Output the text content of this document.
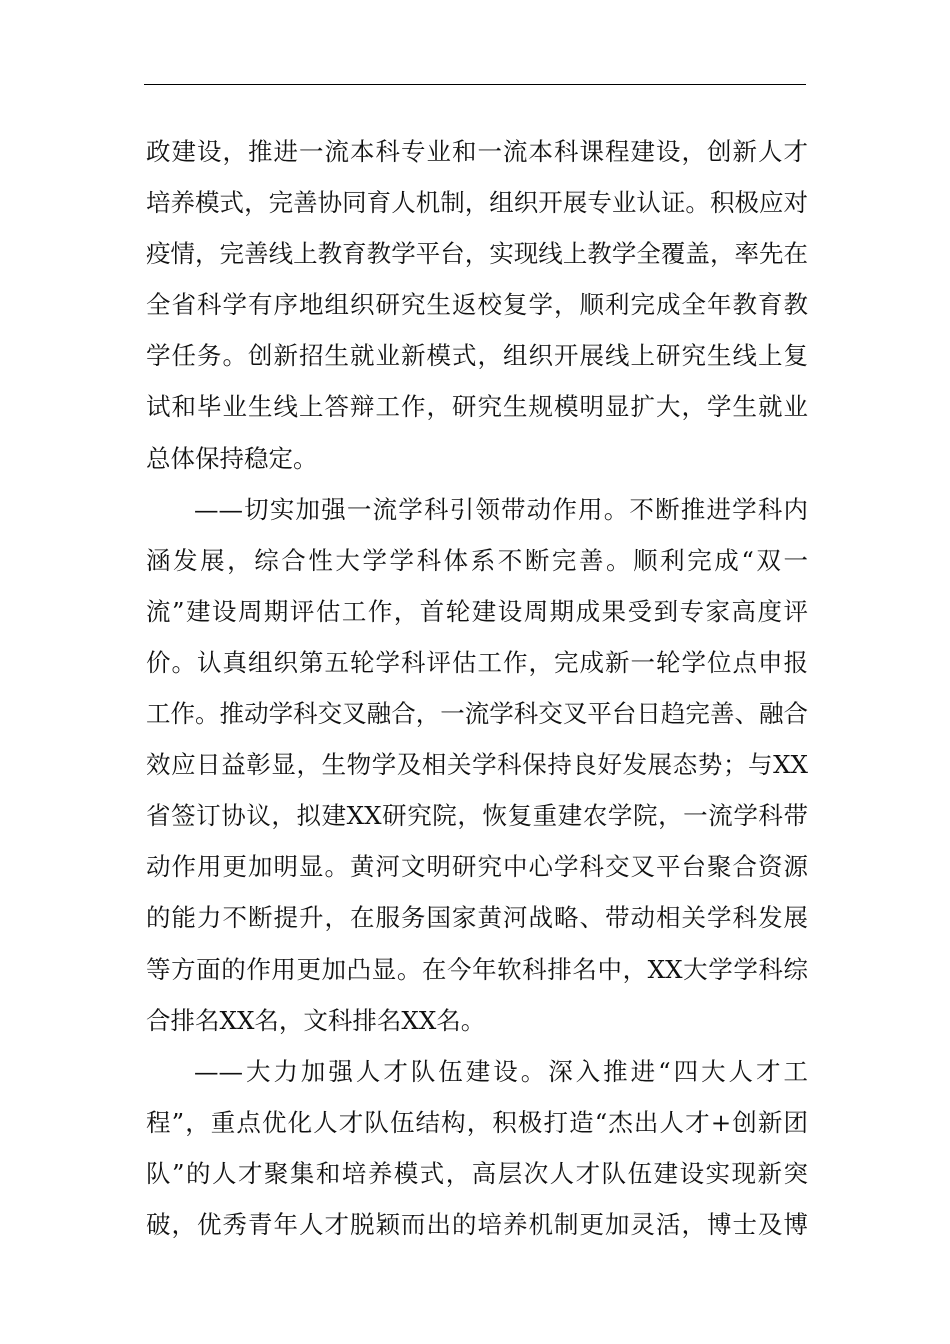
政建设，推进一流本科专业和一流本科课程建设，创新人才
培养模式，完善协同育人机制，组织开展专业认证。积极应对
疫情，完善线上教育教学平台，实现线上教学全覆盖，率先在
全省科学有序地组织研究生返校复学，顺利完成全年教育教
学任务。创新招生就业新模式，组织开展线上研究生线上复
试和毕业生线上答辩工作，研究生规模明显扩大，学生就业
总体保持稳定。
——切实加强一流学科引领带动作用。不断推进学科内
涵发展，综合性大学学科体系不断完善。顺利完成“双一
流”建设周期评估工作，首轮建设周期成果受到专家高度评
价。认真组织第五轮学科评估工作，完成新一轮学位点申报
工作。推动学科交叉融合，一流学科交叉平台日趋完善、融合
效应日益彰显，生物学及相关学科保持良好发展态势；与XX
省签订协议，拟建XX研究院，恢复重建农学院，一流学科带
动作用更加明显。黄河文明研究中心学科交叉平台聚合资源
的能力不断提升，在服务国家黄河战略、带动相关学科发展
等方面的作用更加凸显。在今年软科排名中，XX大学学科综
合排名XX名，文科排名XX名。
——大力加强人才队伍建设。深入推进“四大人才工
程”，重点优化人才队伍结构，积极打造“杰出人才+创新团
队”的人才聚集和培养模式，高层次人才队伍建设实现新突
破，优秀青年人才脱颖而出的培养机制更加灵活，博士及博
